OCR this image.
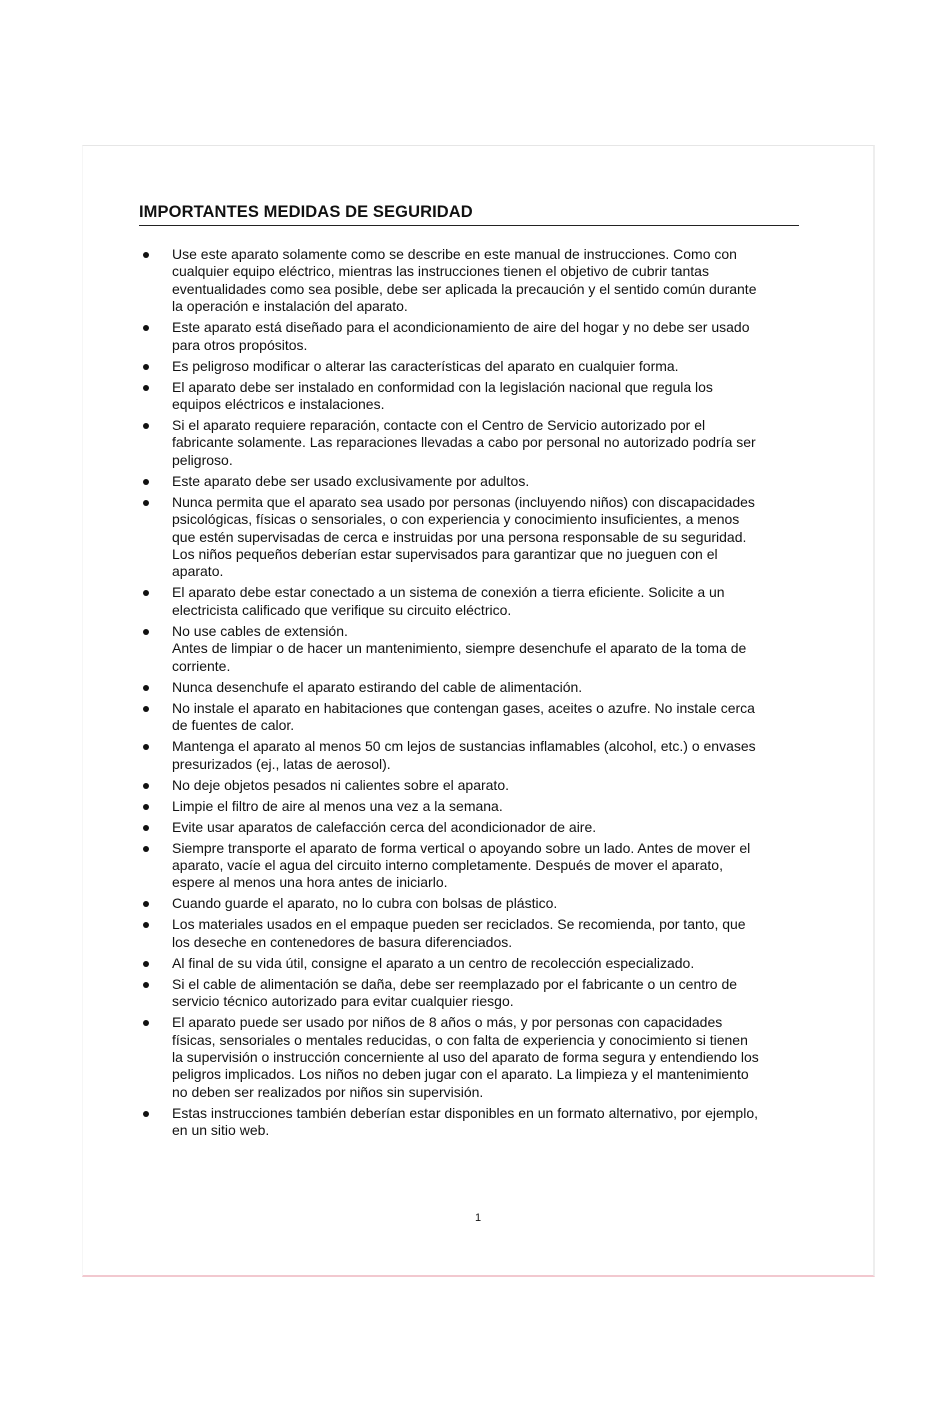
IMPORTANTES MEDIDAS DE SEGURIDAD
Use este aparato solamente como se describe en este manual de instrucciones. Como con
cualquier equipo eléctrico, mientras las instrucciones tienen el objetivo de cubrir tantas
eventualidades como sea posible, debe ser aplicada la precaución y el sentido común durante
la operación e instalación del aparato.
Este aparato está diseñado para el acondicionamiento de aire del hogar y no debe ser usado
para otros propósitos.
Es peligroso modificar o alterar las características del aparato en cualquier forma.
El aparato debe ser instalado en conformidad con la legislación nacional que regula los
equipos eléctricos e instalaciones.
Si el aparato requiere reparación, contacte con el Centro de Servicio autorizado por el
fabricante solamente. Las reparaciones llevadas a cabo por personal no autorizado podría ser
peligroso.
Este aparato debe ser usado exclusivamente por adultos.
Nunca permita que el aparato sea usado por personas (incluyendo niños) con discapacidades
psicológicas, físicas o sensoriales, o con experiencia y conocimiento insuficientes, a menos
que estén supervisadas de cerca e instruidas por una persona responsable de su seguridad.
Los niños pequeños deberían estar supervisados para garantizar que no jueguen con el
aparato.
El aparato debe estar conectado a un sistema de conexión a tierra eficiente. Solicite a un
electricista calificado que verifique su circuito eléctrico.
No use cables de extensión.
Antes de limpiar o de hacer un mantenimiento, siempre desenchufe el aparato de la toma de
corriente.
Nunca desenchufe el aparato estirando del cable de alimentación.
No instale el aparato en habitaciones que contengan gases, aceites o azufre. No instale cerca
de fuentes de calor.
Mantenga el aparato al menos 50 cm lejos de sustancias inflamables (alcohol, etc.) o envases
presurizados (ej., latas de aerosol).
No deje objetos pesados ni calientes sobre el aparato.
Limpie el filtro de aire al menos una vez a la semana.
Evite usar aparatos de calefacción cerca del acondicionador de aire.
Siempre transporte el aparato de forma vertical o apoyando sobre un lado. Antes de mover el
aparato, vacíe el agua del circuito interno completamente. Después de mover el aparato,
espere al menos una hora antes de iniciarlo.
Cuando guarde el aparato, no lo cubra con bolsas de plástico.
Los materiales usados en el empaque pueden ser reciclados. Se recomienda, por tanto, que
los deseche en contenedores de basura diferenciados.
Al final de su vida útil, consigne el aparato a un centro de recolección especializado.
Si el cable de alimentación se daña, debe ser reemplazado por el fabricante o un centro de
servicio técnico autorizado para evitar cualquier riesgo.
El aparato puede ser usado por niños de 8 años o más, y por personas con capacidades
físicas, sensoriales o mentales reducidas, o con falta de experiencia y conocimiento si tienen
la supervisión o instrucción concerniente al uso del aparato de forma segura y entendiendo los
peligros implicados. Los niños no deben jugar con el aparato. La limpieza y el mantenimiento
no deben ser realizados por niños sin supervisión.
Estas instrucciones también deberían estar disponibles en un formato alternativo, por ejemplo,
en un sitio web.
1
